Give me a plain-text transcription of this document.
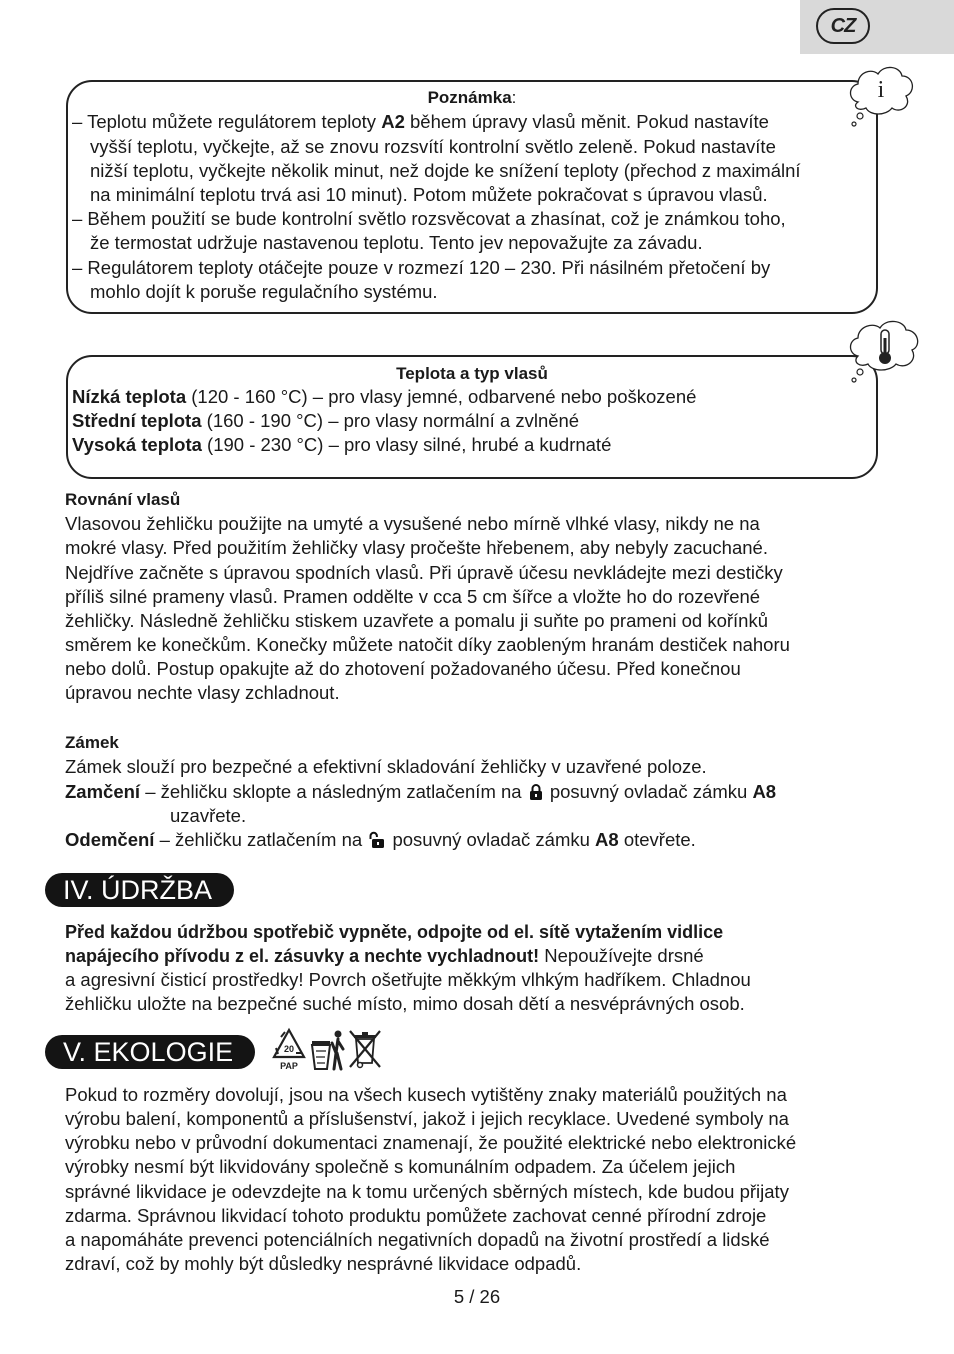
CZ
i
Poznámka:
– Teplotu můžete regulátorem teploty A2 během úpravy vlasů měnit. Pokud nastavíte
vyšší teplotu, vyčkejte, až se znovu rozsvítí kontrolní světlo zeleně. Pokud nastavíte
nižší teplotu, vyčkejte několik minut, než dojde ke snížení teploty (přechod z maximální
na minimální teplotu trvá asi 10 minut). Potom můžete pokračovat s úpravou vlasů.
– Během použití se bude kontrolní světlo rozsvěcovat a zhasínat, což je známkou toho,
že termostat udržuje nastavenou teplotu. Tento jev nepovažujte za závadu.
– Regulátorem teploty otáčejte pouze v rozmezí 120 – 230. Při násilném přetočení by
mohlo dojít k poruše regulačního systému.
Teplota a typ vlasů
Nízká teplota (120 - 160 °C) – pro vlasy jemné, odbarvené nebo poškozené
Střední teplota (160 - 190 °C) – pro vlasy normální a zvlněné
Vysoká teplota (190 - 230 °C) – pro vlasy silné, hrubé a kudrnaté
Rovnání vlasů
Vlasovou žehličku použijte na umyté a vysušené nebo mírně vlhké vlasy, nikdy ne na
mokré vlasy. Před použitím žehličky vlasy pročešte hřebenem, aby nebyly zacuchané.
Nejdříve začněte s úpravou spodních vlasů. Při úpravě účesu nevkládejte mezi destičky
příliš silné prameny vlasů. Pramen oddělte v cca 5 cm šířce a vložte ho do rozevřené
žehličky. Následně žehličku stiskem uzavřete a pomalu ji suňte po prameni od kořínků
směrem ke konečkům. Konečky můžete natočit díky zaobleným hranám destiček nahoru
nebo dolů. Postup opakujte až do zhotovení požadovaného účesu. Před konečnou
úpravou nechte vlasy zchladnout.
Zámek
Zámek slouží pro bezpečné a efektivní skladování žehličky v uzavřené poloze.
Zamčení – žehličku sklopte a následným zatlačením na  posuvný ovladač zámku A8
uzavřete.
Odemčení – žehličku zatlačením na  posuvný ovladač zámku A8 otevřete.
IV. ÚDRŽBA
Před každou údržbou spotřebič vypněte, odpojte od el. sítě vytažením vidlice
napájecího přívodu z el. zásuvky a nechte vychladnout! Nepoužívejte drsné
a agresivní čisticí prostředky! Povrch ošetřujte měkkým vlhkým hadříkem. Chladnou
žehličku uložte na bezpečné suché místo, mimo dosah dětí a nesvéprávných osob.
V. EKOLOGIE	20
PAP
Pokud to rozměry dovolují, jsou na všech kusech vytištěny znaky materiálů použitých na
výrobu balení, komponentů a příslušenství, jakož i jejich recyklace. Uvedené symboly na
výrobku nebo v průvodní dokumentaci znamenají, že použité elektrické nebo elektronické
výrobky nesmí být likvidovány společně s komunálním odpadem. Za účelem jejich
správné likvidace je odevzdejte na k tomu určených sběrných místech, kde budou přijaty
zdarma. Správnou likvidací tohoto produktu pomůžete zachovat cenné přírodní zdroje
a napomáháte prevenci potenciálních negativních dopadů na životní prostředí a lidské
zdraví, což by mohly být důsledky nesprávné likvidace odpadů.
5 / 26
